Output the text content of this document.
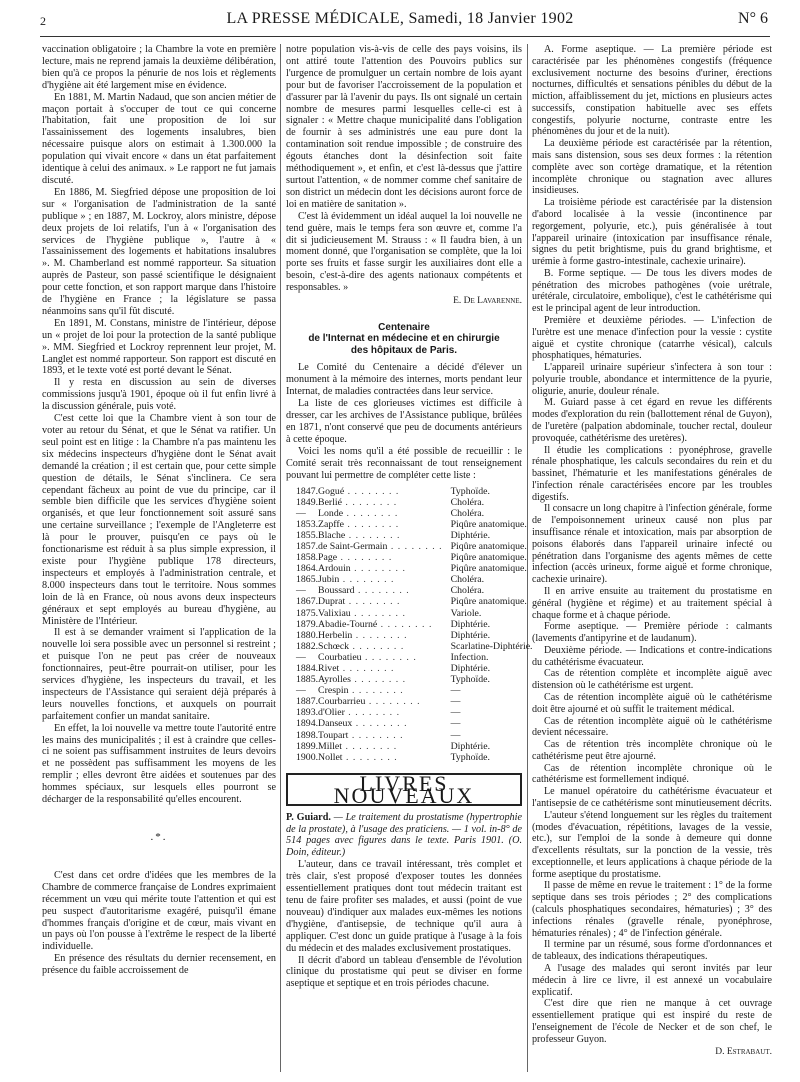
2	LA PRESSE MÉDICALE, Samedi, 18 Janvier 1902	N° 6

vaccination obligatoire ; la Chambre la vote en première lecture, mais ne reprend jamais la deuxième délibération, bien qu'à ce propos la pénurie de nos lois et règlements d'hygiène ait été largement mise en évidence.

En 1881, M. Martin Nadaud, que son ancien métier de maçon portait à s'occuper de tout ce qui concerne l'habitation, fait une proposition de loi sur l'assainissement des logements insalubres, bien nécessaire puisque alors on estimait à 1.300.000 la population qui vivait encore « dans un état parfaitement identique à celui des animaux. » Le rapport ne fut jamais discuté.

En 1886, M. Siegfried dépose une proposition de loi sur « l'organisation de l'administration de la santé publique » ; en 1887, M. Lockroy, alors ministre, dépose deux projets de loi relatifs, l'un à « l'organisation des services de l'hygiène publique », l'autre à « l'assainissement des logements et habitations insalubres ». M. Chamberland est nommé rapporteur. Sa situation auprès de Pasteur, son passé scientifique le désignaient pour cette fonction, et son rapport marque dans l'histoire de l'hygiène en France ; la législature se passa néanmoins sans qu'il fût discuté.

En 1891, M. Constans, ministre de l'intérieur, dépose un « projet de loi pour la protection de la santé publique ». MM. Siegfried et Lockroy reprennent leur projet, M. Langlet est nommé rapporteur. Son rapport est discuté en 1893, et le texte voté est porté devant le Sénat.

Il y resta en discussion au sein de diverses commissions jusqu'à 1901, époque où il fut enfin livré à la discussion générale, puis voté.

C'est cette loi que la Chambre vient à son tour de voter au retour du Sénat, et que le Sénat va ratifier. Un seul point est en litige : la Chambre n'a pas maintenu les six médecins inspecteurs d'hygiène dont le Sénat avait demandé la création ; il est certain que, pour cette simple question de détails, le Sénat s'inclinera. Ce sera cependant fâcheux au point de vue du principe, car il semble bien difficile que les services d'hygiène soient organisés, et que leur fonctionnement soit assuré sans une certaine surveillance ; l'exemple de l'Angleterre est là pour le prouver, puisqu'en ce pays où le fonctionarisme est réduit à sa plus simple expression, il existe pour l'hygiène publique 178 directeurs, inspecteurs et employés à l'administration centrale, et 8.000 inspecteurs dans tout le territoire. Nous sommes loin de là en France, où nous avons deux inspecteurs généraux et sept employés au bureau d'hygiène, au Ministère de l'Intérieur.

Il est à se demander vraiment si l'application de la nouvelle loi sera possible avec un personnel si restreint ; et puisque l'on ne peut pas créer de nouveaux fonctionnaires, peut-être pourrait-on utiliser, pour les services d'hygiène, les inspecteurs du travail, et les inspecteurs de l'Assistance qui seraient déjà préparés à leurs nouvelles fonctions, et auxquels on pourrait parfaitement confier un mandat sanitaire.

En effet, la loi nouvelle va mettre toute l'autorité entre les mains des municipalités ; il est à craindre que celles-ci ne soient pas suffisamment instruites de leurs devoirs et ne possèdent pas suffisamment les moyens de les remplir ; elles devront être aidées et soutenues par des hommes spéciaux, sur lesquels elles pourront se décharger de la responsabilité qu'elles encourent.

.*.

C'est dans cet ordre d'idées que les membres de la Chambre de commerce française de Londres exprimaient récemment un vœu qui mérite toute l'attention et qui est peu suspect d'autoritarisme exagéré, puisqu'il émane d'hommes français d'origine et de cœur, mais vivant en un pays où l'on pousse à l'extrême le respect de la liberté individuelle.

En présence des résultats du dernier recensement, en présence du faible accroissement de

notre population vis-à-vis de celle des pays voisins, ils ont attiré toute l'attention des Pouvoirs publics sur l'urgence de promulguer un certain nombre de lois ayant pour but de favoriser l'accroissement de la population et d'assurer par là l'avenir du pays. Ils ont signalé un certain nombre de mesures parmi lesquelles celle-ci est à signaler : « Mettre chaque municipalité dans l'obligation de fournir à ses administrés une eau pure dont la contamination soit rendue impossible ; de construire des égouts étanches dont la désinfection soit faite méthodiquement », et enfin, et c'est là-dessus que j'attire surtout l'attention, « de nommer comme chef sanitaire de son district un médecin dont les décisions auront force de loi en matière de sanitation ».

C'est là évidemment un idéal auquel la loi nouvelle ne tend guère, mais le temps fera son œuvre et, comme l'a dit si judicieusement M. Strauss : « Il faudra bien, à un moment donné, que l'organisation se complète, que la loi porte ses fruits et fasse surgir les auxiliaires dont elle a besoin, c'est-à-dire des agents nationaux compétents et responsables. »

E. De Lavarenne.
Centenaire
de l'Internat en médecine et en chirurgie
des hôpitaux de Paris.

Le Comité du Centenaire a décidé d'élever un monument à la mémoire des internes, morts pendant leur Internat, de maladies contractées dans leur service.

La liste de ces glorieuses victimes est difficile à dresser, car les archives de l'Assistance publique, brûlées en 1871, n'ont conservé que peu de documents antérieurs à cette époque.

Voici les noms qu'il a été possible de recueillir : le Comité serait très reconnaissant de tout renseignement pouvant lui permettre de compléter cette liste :

1847.	Gogué . . .	Typhoïde.
1849.	Berlié . . .	Choléra.
—	Londe . . .	Choléra.
1853.	Zapffe . . .	Piqûre anatomique.
1855.	Blache . . .	Diphtérie.
1857.	de Saint-Germain . . .	Piqûre anatomique.
1858.	Page . . .	Piqûre anatomique.
1864.	Ardouin . . .	Piqûre anatomique.
1865.	Jubin . . .	Choléra.
—	Boussard . . .	Choléra.
1867.	Duprat . . .	Piqûre anatomique.
1875.	Valixiau . . .	Variole.
1879.	Abadie-Tourné . . .	Diphtérie.
1880.	Herbelin . . .	Diphtérie.
1882.	Schœck . . .	Scarlatine-Diphtérie.
—	Courbatieu . . .	Infection.
1884.	Rivet . . .	Diphtérie.
1885.	Ayrolles . . .	Typhoïde.
—	Crespin . . .	—
1887.	Courbarrieu . . .	—
1893.	d'Olier . . .	—
1894.	Danseux . . .	—
1898.	Toupart . . .	—
1899.	Millet . . .	Diphtérie.
1900.	Nollet . . .	Typhoïde.
LIVRES NOUVEAUX

P. Guiard. — Le traitement du prostatisme (hypertrophie de la prostate), à l'usage des praticiens. — 1 vol. in-8° de 514 pages avec figures dans le texte. Paris 1901. (O. Doin, éditeur.)

L'auteur, dans ce travail intéressant, très complet et très clair, s'est proposé d'exposer toutes les données essentiellement pratiques dont tout médecin traitant est tenu de faire profiter ses malades, et aussi (point de vue nouveau) d'indiquer aux malades eux-mêmes les notions d'hygiène, d'antisepsie, de technique qu'il aura à appliquer. C'est donc un guide pratique à l'usage à la fois du médecin et des malades exclusivement prostatiques.

Il décrit d'abord un tableau d'ensemble de l'évolution clinique du prostatisme qui peut se diviser en forme aseptique et septique et en trois périodes chacune.

A. Forme aseptique. — La première période est caractérisée par les phénomènes congestifs (fréquence exclusivement nocturne des besoins d'uriner, érections nocturnes, difficultés et sensations pénibles du début de la miction, affaiblissement du jet, mictions en plusieurs actes successifs, constipation habituelle avec ses effets congestifs, polyurie nocturne, contraste entre les phénomènes du jour et de la nuit).

La deuxième période est caractérisée par la rétention, mais sans distension, sous ses deux formes : la rétention complète avec son cortège dramatique, et la rétention incomplète chronique ou stagnation avec allures insidieuses.

La troisième période est caractérisée par la distension d'abord localisée à la vessie (incontinence par regorgement, polyurie, etc.), puis généralisée à tout l'appareil urinaire (intoxication par insuffisance rénale, signes du petit brightisme, puis du grand brightisme, et urémie à forme gastro-intestinale, cachexie urinaire).

B. Forme septique. — De tous les divers modes de pénétration des microbes pathogènes (voie urétrale, urétérale, circulatoire, embolique), c'est le cathétérisme qui est le principal agent de leur introduction.

Première et deuxième périodes. — L'infection de l'urètre est une menace d'infection pour la vessie : cystite aiguë et cystite chronique (catarrhe vésical), calculs phosphatiques, hématuries.

L'appareil urinaire supérieur s'infectera à son tour : polyurie trouble, abondance et intermittence de la pyurie, oligurie, anurie, douleur rénale.

M. Guiard passe à cet égard en revue les différents modes d'exploration du rein (ballottement rénal de Guyon), de l'uretère (palpation abdominale, toucher rectal, douleur provoquée, cathétérisme des uretères).

Il étudie les complications : pyonéphrose, gravelle rénale phosphatique, les calculs secondaires du rein et du bassinet, l'hématurie et les manifestations générales de l'infection rénale caractérisées encore par les troubles digestifs.

Il consacre un long chapitre à l'infection générale, forme de l'empoisonnement urineux causé non plus par insuffisance rénale et intoxication, mais par absorption de poisons élaborés dans l'appareil urinaire infecté ou pénétration dans l'organisme des agents mêmes de cette infection (accès urineux, forme aiguë et forme chronique, cachexie urinaire).

Il en arrive ensuite au traitement du prostatisme en général (hygiène et régime) et au traitement spécial à chaque forme et à chaque période.

Forme aseptique. — Première période : calmants (lavements d'antipyrine et de laudanum).

Deuxième période. — Indications et contre-indications du cathétérisme évacuateur.

Cas de rétention complète et incomplète aiguë avec distension où le cathétérisme est urgent.

Cas de rétention incomplète aiguë où le cathétérisme doit être ajourné et où suffit le traitement médical.

Cas de rétention incomplète aiguë où le cathétérisme devient nécessaire.

Cas de rétention très incomplète chronique où le cathétérisme peut être ajourné.

Cas de rétention incomplète chronique où le cathétérisme est formellement indiqué.

Le manuel opératoire du cathétérisme évacuateur et l'antisepsie de ce cathétérisme sont minutieusement décrits.

L'auteur s'étend longuement sur les règles du traitement (modes d'évacuation, répétitions, lavages de la vessie, etc.), sur l'emploi de la sonde à demeure qui donne d'excellents résultats, sur la ponction de la vessie, très exceptionnelle, et leurs applications à chaque période de la forme aseptique du prostatisme.

Il passe de même en revue le traitement : 1° de la forme septique dans ses trois périodes ; 2° des complications (calculs phosphatiques secondaires, hématuries) ; 3° des infections rénales (gravelle rénale, pyonéphrose, hématuries rénales) ; 4° de l'infection générale.

Il termine par un résumé, sous forme d'ordonnances et de tableaux, des indications thérapeutiques.

A l'usage des malades qui seront invités par leur médecin à lire ce livre, il est annexé un vocabulaire explicatif.

C'est dire que rien ne manque à cet ouvrage essentiellement pratique qui est inspiré du reste de l'enseignement de l'école de Necker et de son chef, le professeur Guyon.

D. Estrabaut.
